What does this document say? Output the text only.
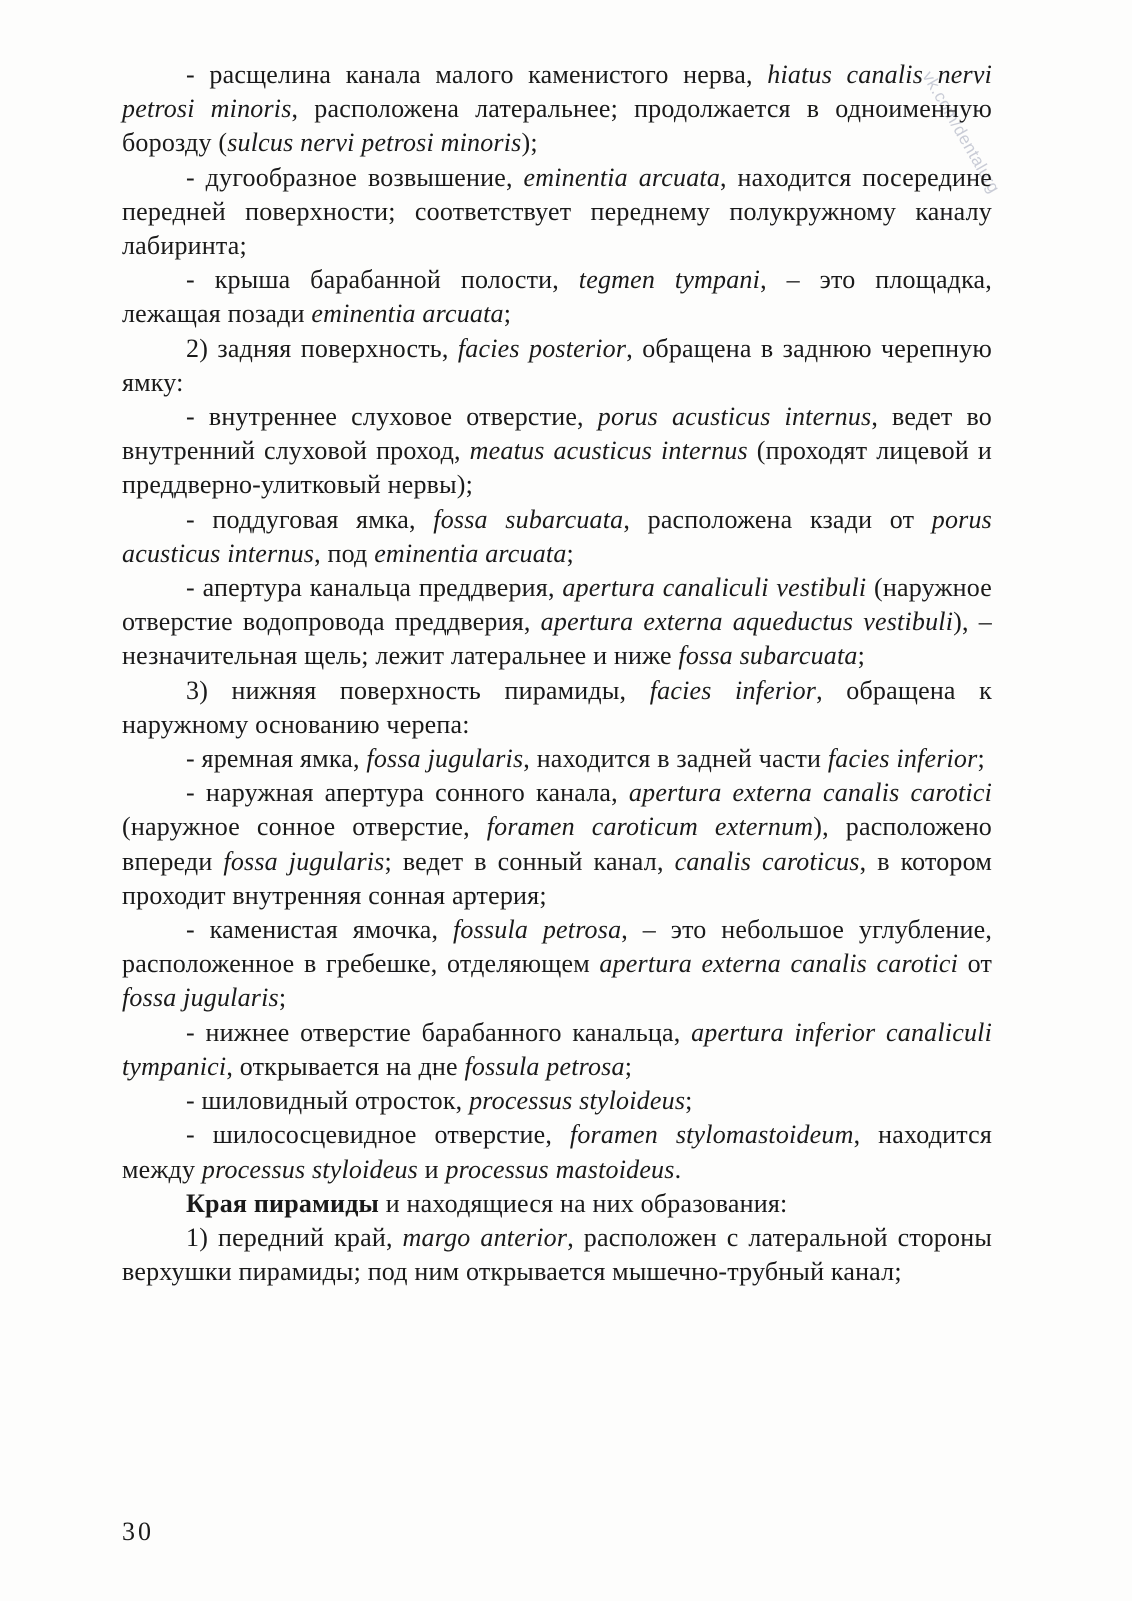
vk.com/dentalurg

- расщелина канала малого каменистого нерва, hiatus canalis nervi petrosi minoris, расположена латеральнее; продолжается в одноименную борозду (sulcus nervi petrosi minoris);

- дугообразное возвышение, eminentia arcuata, находится посередине передней поверхности; соответствует переднему полукружному каналу лабиринта;

- крыша барабанной полости, tegmen tympani, – это площадка, лежащая позади eminentia arcuata;

2) задняя поверхность, facies posterior, обращена в заднюю черепную ямку:

- внутреннее слуховое отверстие, porus acusticus internus, ведет во внутренний слуховой проход, meatus acusticus internus (проходят лицевой и преддверно-улитковый нервы);

- поддуговая ямка, fossa subarcuata, расположена кзади от porus acusticus internus, под eminentia arcuata;

- апертура канальца преддверия, apertura canaliculi vestibuli (наружное отверстие водопровода преддверия, apertura externa aqueductus vestibuli), – незначительная щель; лежит латеральнее и ниже fossa subarcuata;

3) нижняя поверхность пирамиды, facies inferior, обращена к наружному основанию черепа:

- яремная ямка, fossa jugularis, находится в задней части facies inferior;

- наружная апертура сонного канала, apertura externa canalis carotici (наружное сонное отверстие, foramen caroticum externum), расположено впереди fossa jugularis; ведет в сонный канал, canalis caroticus, в котором проходит внутренняя сонная артерия;

- каменистая ямочка, fossula petrosa, – это небольшое углубление, расположенное в гребешке, отделяющем apertura externa canalis carotici от fossa jugularis;

- нижнее отверстие барабанного канальца, apertura inferior canaliculi tympanici, открывается на дне fossula petrosa;

- шиловидный отросток, processus styloideus;

- шилососцевидное отверстие, foramen stylomastoideum, находится между processus styloideus и processus mastoideus.

Края пирамиды и находящиеся на них образования:

1) передний край, margo anterior, расположен с латеральной стороны верхушки пирамиды; под ним открывается мышечно-трубный канал;

30
